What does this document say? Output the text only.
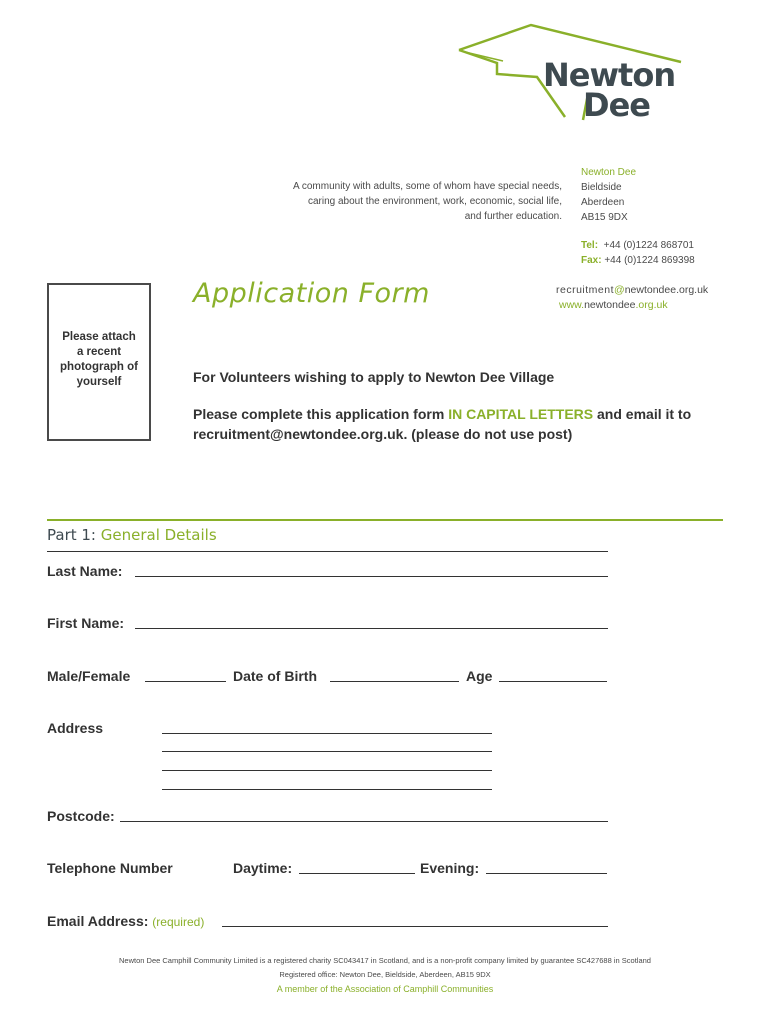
Newton
Dee
A community with adults, some of whom have special needs,
caring about the environment, work, economic, social life,
and further education.
Newton Dee
Bieldside
Aberdeen
AB15 9DX
Tel: +44 (0)1224 868701
Fax: +44 (0)1224 869398
recruitment@newtondee.org.uk
www.newtondee.org.uk
Please attach
a recent
photograph of
yourself
Application Form
For Volunteers wishing to apply to Newton Dee Village
Please complete this application form IN CAPITAL LETTERS and email it to recruitment@newtondee.org.uk. (please do not use post)
Part 1: General Details
Last Name:
First Name:
Male/Female	Date of Birth	Age
Address
Postcode:
Telephone Number	Daytime:	Evening:
Email Address: (required)
Newton Dee Camphill Community Limited is a registered charity SC043417 in Scotland, and is a non-profit company limited by guarantee SC427688 in Scotland
Registered office: Newton Dee, Bieldside, Aberdeen, AB15 9DX
A member of the Association of Camphill Communities
